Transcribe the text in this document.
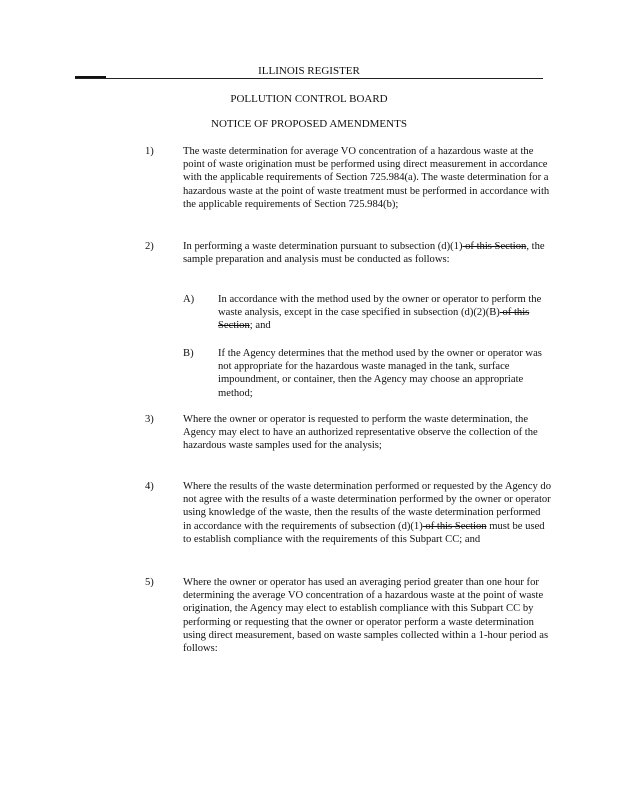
ILLINOIS REGISTER
POLLUTION CONTROL BOARD
NOTICE OF PROPOSED AMENDMENTS
1)	The waste determination for average VO concentration of a hazardous waste at the point of waste origination must be performed using direct measurement in accordance with the applicable requirements of Section 725.984(a). The waste determination for a hazardous waste at the point of waste treatment must be performed in accordance with the applicable requirements of Section 725.984(b);
2)	In performing a waste determination pursuant to subsection (d)(1) of this Section, the sample preparation and analysis must be conducted as follows:
A)	In accordance with the method used by the owner or operator to perform the waste analysis, except in the case specified in subsection (d)(2)(B) of this Section; and
B)	If the Agency determines that the method used by the owner or operator was not appropriate for the hazardous waste managed in the tank, surface impoundment, or container, then the Agency may choose an appropriate method;
3)	Where the owner or operator is requested to perform the waste determination, the Agency may elect to have an authorized representative observe the collection of the hazardous waste samples used for the analysis;
4)	Where the results of the waste determination performed or requested by the Agency do not agree with the results of a waste determination performed by the owner or operator using knowledge of the waste, then the results of the waste determination performed in accordance with the requirements of subsection (d)(1) of this Section must be used to establish compliance with the requirements of this Subpart CC; and
5)	Where the owner or operator has used an averaging period greater than one hour for determining the average VO concentration of a hazardous waste at the point of waste origination, the Agency may elect to establish compliance with this Subpart CC by performing or requesting that the owner or operator perform a waste determination using direct measurement, based on waste samples collected within a 1-hour period as follows:
